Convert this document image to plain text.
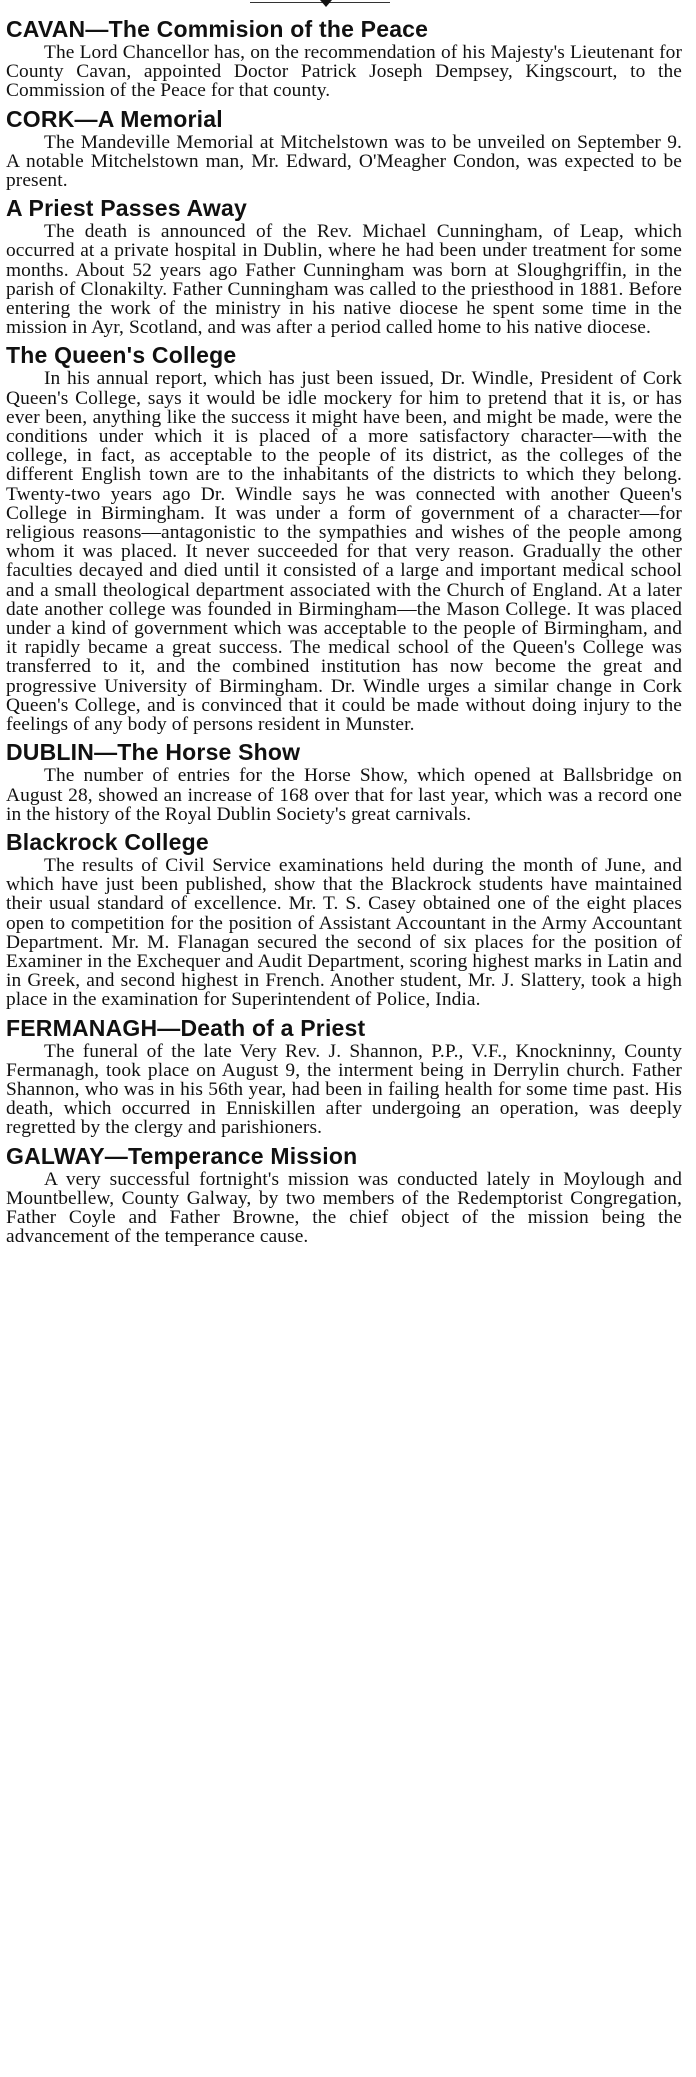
CAVAN—The Commision of the Peace

The Lord Chancellor has, on the recommendation of his Majesty's Lieutenant for County Cavan, appointed Doctor Patrick Joseph Dempsey, Kingscourt, to the Commission of the Peace for that county.

CORK—A Memorial

The Mandeville Memorial at Mitchelstown was to be unveiled on September 9. A notable Mitchelstown man, Mr. Edward, O'Meagher Condon, was expected to be present.

A Priest Passes Away

The death is announced of the Rev. Michael Cunningham, of Leap, which occurred at a private hospital in Dublin, where he had been under treatment for some months. About 52 years ago Father Cunningham was born at Sloughgriffin, in the parish of Clonakilty. Father Cunningham was called to the priesthood in 1881. Before entering the work of the ministry in his native diocese he spent some time in the mission in Ayr, Scotland, and was after a period called home to his native diocese.

The Queen's College

In his annual report, which has just been issued, Dr. Windle, President of Cork Queen's College, says it would be idle mockery for him to pretend that it is, or has ever been, anything like the success it might have been, and might be made, were the conditions under which it is placed of a more satisfactory character—with the college, in fact, as acceptable to the people of its district, as the colleges of the different English town are to the inhabitants of the districts to which they belong. Twenty-two years ago Dr. Windle says he was connected with another Queen's College in Birmingham. It was under a form of government of a character—for religious reasons—antagonistic to the sympathies and wishes of the people among whom it was placed. It never succeeded for that very reason. Gradually the other faculties decayed and died until it consisted of a large and important medical school and a small theological department associated with the Church of England. At a later date another college was founded in Birmingham—the Mason College. It was placed under a kind of government which was acceptable to the people of Birmingham, and it rapidly became a great success. The medical school of the Queen's College was transferred to it, and the combined institution has now become the great and progressive University of Birmingham. Dr. Windle urges a similar change in Cork Queen's College, and is convinced that it could be made without doing injury to the feelings of any body of persons resident in Munster.

DUBLIN—The Horse Show

The number of entries for the Horse Show, which opened at Ballsbridge on August 28, showed an increase of 168 over that for last year, which was a record one in the history of the Royal Dublin Society's great carnivals.

Blackrock College

The results of Civil Service examinations held during the month of June, and which have just been published, show that the Blackrock students have maintained their usual standard of excellence. Mr. T. S. Casey obtained one of the eight places open to competition for the position of Assistant Accountant in the Army Accountant Department. Mr. M. Flanagan secured the second of six places for the position of Examiner in the Exchequer and Audit Department, scoring highest marks in Latin and in Greek, and second highest in French. Another student, Mr. J. Slattery, took a high place in the examination for Superintendent of Police, India.

FERMANAGH—Death of a Priest

The funeral of the late Very Rev. J. Shannon, P.P., V.F., Knockninny, County Fermanagh, took place on August 9, the interment being in Derrylin church. Father Shannon, who was in his 56th year, had been in failing health for some time past. His death, which occurred in Enniskillen after undergoing an operation, was deeply regretted by the clergy and parishioners.

GALWAY—Temperance Mission

A very successful fortnight's mission was conducted lately in Moylough and Mountbellew, County Galway, by two members of the Redemptorist Congregation, Father Coyle and Father Browne, the chief object of the mission being the advancement of the temperance cause.
